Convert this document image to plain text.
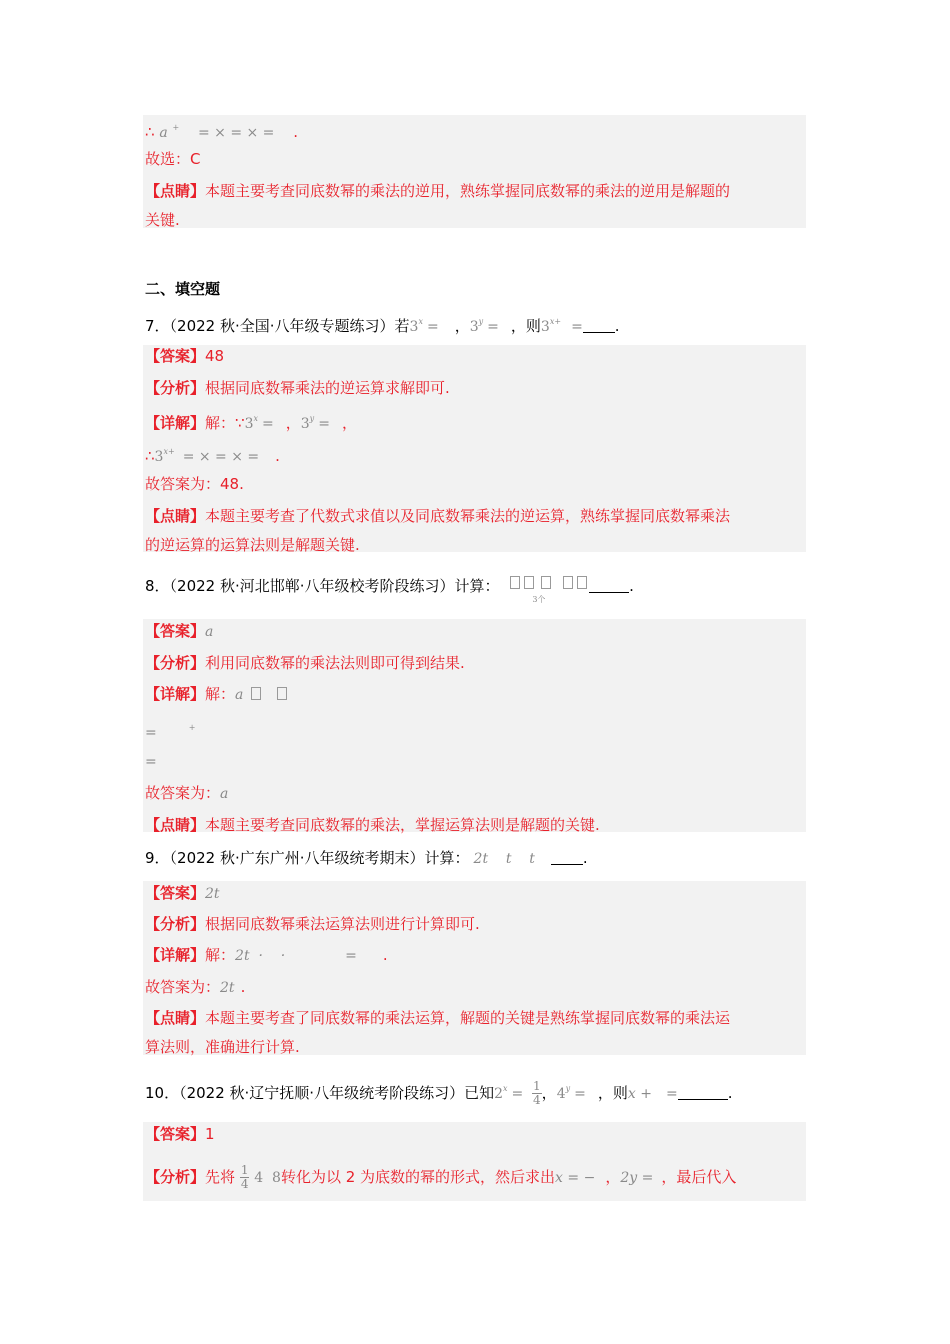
∴ a + = × = × = .
故选：C
【点睛】本题主要考查同底数幂的乘法的逆用，熟练掌握同底数幂的乘法的逆用是解题的
关键.
二、填空题
7．（2022 秋·全国·八年级专题练习）若$3^x$ = ，$3^y$ = ，则$3^{x+}$ = .
【答案】48
【分析】根据同底数幂乘法的逆运算求解即可.
【详解】解：$\because 3^x$ = ，$3^y$ = ，
$\therefore 3^{x+}$ = × = × = .
故答案为：48.
【点睛】本题主要考查了代数式求值以及同底数幂乘法的逆运算，熟练掌握同底数幂乘法
的逆运算的运算法则是解题关键.
8．（2022 秋·河北邯郸·八年级校考阶段练习）计算：
3个
.
【答案】a
【分析】利用同底数幂的乘法法则即可得到结果.
【详解】解：a
=	+
=
故答案为：a
【点睛】本题主要考查同底数幂的乘法，掌握运算法则是解题的关键.
9．（2022 秋·广东广州·八年级统考期末）计算： 2t    t    t	.
【答案】2t
【分析】根据同底数幂乘法运算法则进行计算即可.
【详解】解：2t  ·    ·	= .
故答案为：2t .
【点睛】本题主要考查了同底数幂的乘法运算，解题的关键是熟练掌握同底数幂的乘法运
算法则，准确进行计算.
10．（2022 秋·辽宁抚顺·八年级统考阶段练习）已知$2^x = \frac{1}{4}$ ，$4^y$ = ，则x + =	.
【答案】1
【分析】先将 $\frac{1}{4} 4$  8转化为以 2 为底数的幂的形式，然后求出x = − ，2y = ，最后代入
